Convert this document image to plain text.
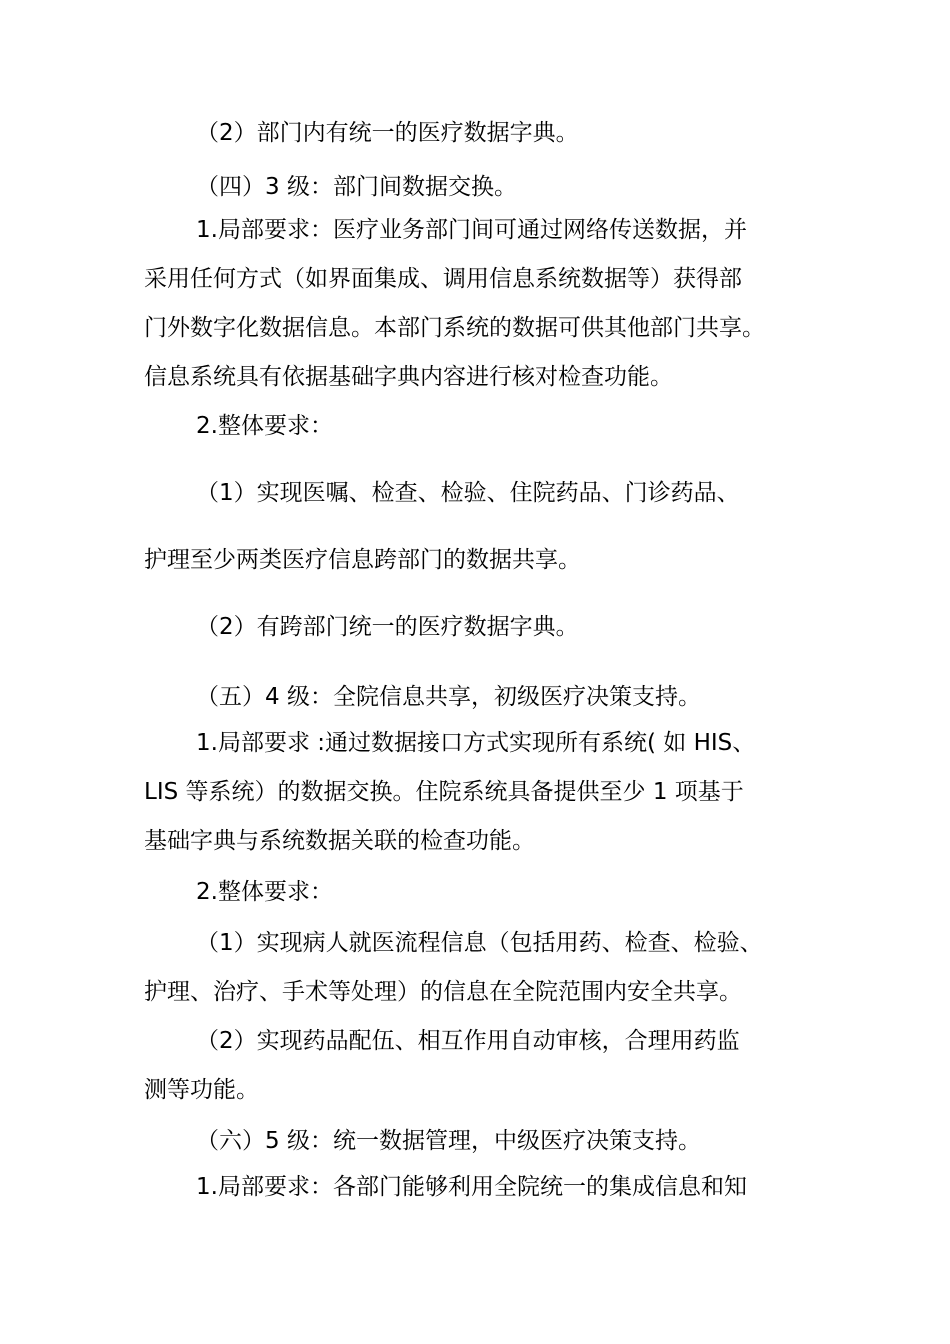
（2）部门内有统一的医疗数据字典。
（四）3 级：部门间数据交换。
1.局部要求：医疗业务部门间可通过网络传送数据，并
采用任何方式（如界面集成、调用信息系统数据等）获得部
门外数字化数据信息。本部门系统的数据可供其他部门共享。
信息系统具有依据基础字典内容进行核对检查功能。
2.整体要求：
（1）实现医嘱、检查、检验、住院药品、门诊药品、
护理至少两类医疗信息跨部门的数据共享。
（2）有跨部门统一的医疗数据字典。
（五）4 级：全院信息共享，初级医疗决策支持。
1.局部要求 :通过数据接口方式实现所有系统( 如 HIS、
LIS 等系统）的数据交换。住院系统具备提供至少 1 项基于
基础字典与系统数据关联的检查功能。
2.整体要求：
（1）实现病人就医流程信息（包括用药、检查、检验、
护理、治疗、手术等处理）的信息在全院范围内安全共享。
（2）实现药品配伍、相互作用自动审核，合理用药监
测等功能。
（六）5 级：统一数据管理，中级医疗决策支持。
1.局部要求：各部门能够利用全院统一的集成信息和知
